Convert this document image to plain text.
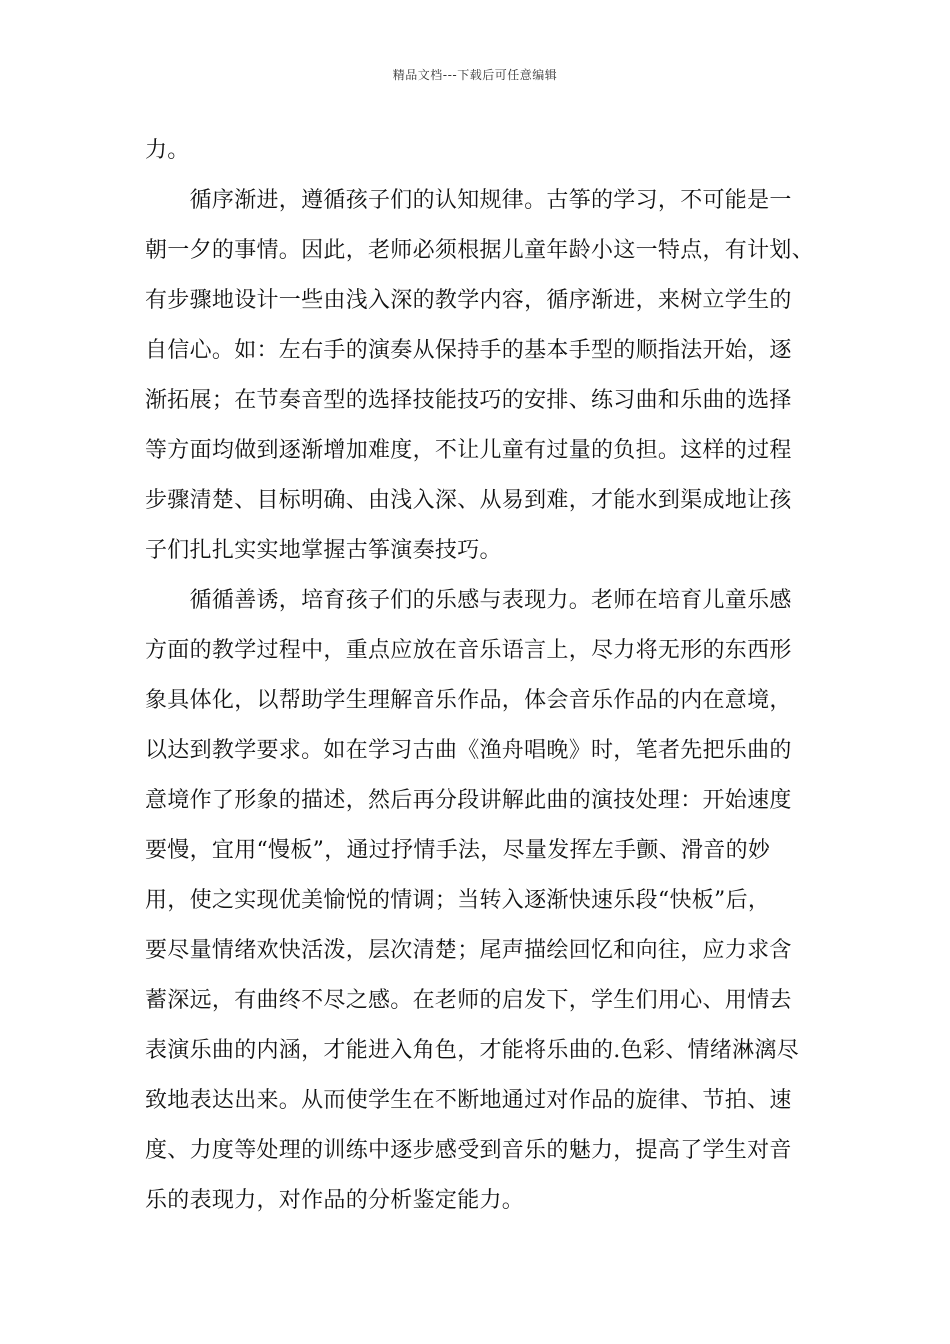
精品文档---下载后可任意编辑
力。
　　循序渐进，遵循孩子们的认知规律。古筝的学习，不可能是一
朝一夕的事情。因此，老师必须根据儿童年龄小这一特点，有计划、
有步骤地设计一些由浅入深的教学内容，循序渐进，来树立学生的
自信心。如：左右手的演奏从保持手的基本手型的顺指法开始，逐
渐拓展；在节奏音型的选择技能技巧的安排、练习曲和乐曲的选择
等方面均做到逐渐增加难度，不让儿童有过量的负担。这样的过程
步骤清楚、目标明确、由浅入深、从易到难，才能水到渠成地让孩
子们扎扎实实地掌握古筝演奏技巧。
　　循循善诱，培育孩子们的乐感与表现力。老师在培育儿童乐感
方面的教学过程中，重点应放在音乐语言上，尽力将无形的东西形
象具体化，以帮助学生理解音乐作品，体会音乐作品的内在意境，
以达到教学要求。如在学习古曲《渔舟唱晚》时，笔者先把乐曲的
意境作了形象的描述，然后再分段讲解此曲的演技处理：开始速度
要慢，宜用“慢板”，通过抒情手法，尽量发挥左手颤、滑音的妙
用，使之实现优美愉悦的情调；当转入逐渐快速乐段“快板”后，
要尽量情绪欢快活泼，层次清楚；尾声描绘回忆和向往，应力求含
蓄深远，有曲终不尽之感。在老师的启发下，学生们用心、用情去
表演乐曲的内涵，才能进入角色，才能将乐曲的.色彩、情绪淋漓尽
致地表达出来。从而使学生在不断地通过对作品的旋律、节拍、速
度、力度等处理的训练中逐步感受到音乐的魅力，提高了学生对音
乐的表现力，对作品的分析鉴定能力。
